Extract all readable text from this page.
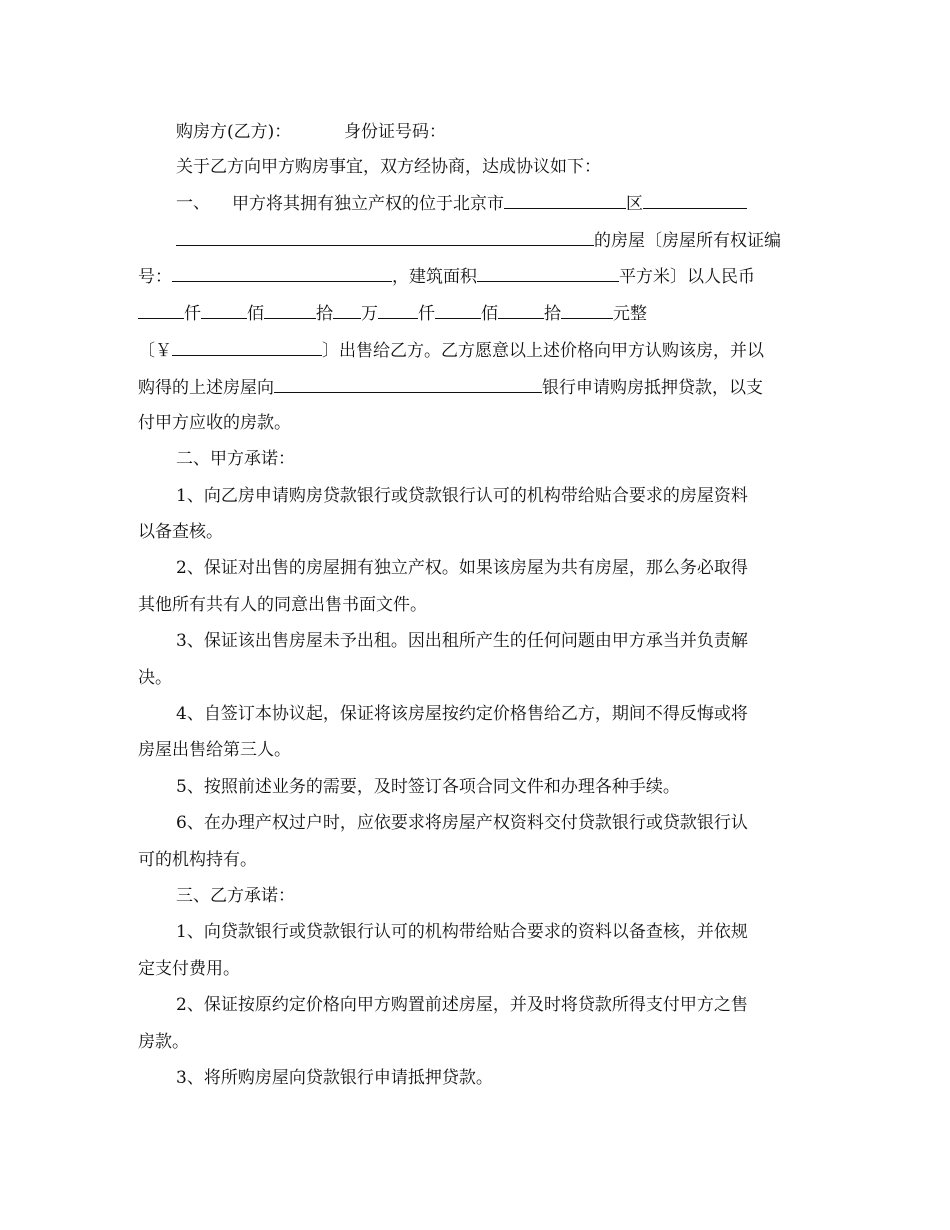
购房方(乙方)：	身份证号码：
关于乙方向甲方购房事宜，双方经协商，达成协议如下：
一、 甲方将其拥有独立产权的位于北京市	区
的房屋〔房屋所有权证编
号：	，建筑面积	平方米〕以人民币
仟	佰	拾 万 仟	佰	拾	元整
〔￥	〕出售给乙方。乙方愿意以上述价格向甲方认购该房，并以
购得的上述房屋向	银行申请购房抵押贷款，以支
付甲方应收的房款。
二、甲方承诺：
1、向乙房申请购房贷款银行或贷款银行认可的机构带给贴合要求的房屋资料
以备查核。
2、保证对出售的房屋拥有独立产权。如果该房屋为共有房屋，那么务必取得
其他所有共有人的同意出售书面文件。
3、保证该出售房屋未予出租。因出租所产生的任何问题由甲方承当并负责解
决。
4、自签订本协议起，保证将该房屋按约定价格售给乙方，期间不得反悔或将
房屋出售给第三人。
5、按照前述业务的需要，及时签订各项合同文件和办理各种手续。
6、在办理产权过户时，应依要求将房屋产权资料交付贷款银行或贷款银行认
可的机构持有。
三、乙方承诺：
1、向贷款银行或贷款银行认可的机构带给贴合要求的资料以备查核，并依规
定支付费用。
2、保证按原约定价格向甲方购置前述房屋，并及时将贷款所得支付甲方之售
房款。
3、将所购房屋向贷款银行申请抵押贷款。
